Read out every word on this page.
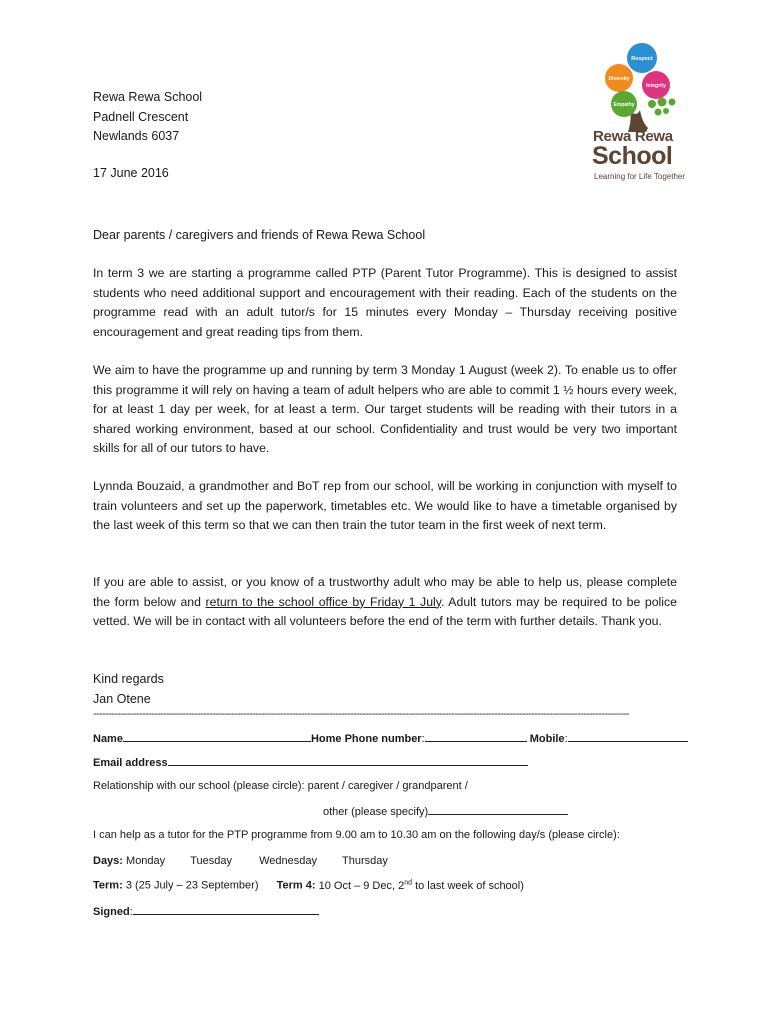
Respect
Diversity
Integrity
Empathy
Rewa Rewa
School
Learning for Life Together
Rewa Rewa School
Padnell Crescent
Newlands 6037
17 June 2016
Dear parents / caregivers and friends of Rewa Rewa School

In term 3 we are starting a programme called PTP (Parent Tutor Programme). This is designed to assist students who need additional support and encouragement with their reading. Each of the students on the programme read with an adult tutor/s for 15 minutes every Monday – Thursday receiving positive encouragement and great reading tips from them.

We aim to have the programme up and running by term 3 Monday 1 August (week 2). To enable us to offer this programme it will rely on having a team of adult helpers who are able to commit 1 ½ hours every week, for at least 1 day per week, for at least a term. Our target students will be reading with their tutors in a shared working environment, based at our school. Confidentiality and trust would be very two important skills for all of our tutors to have.

Lynnda Bouzaid, a grandmother and BoT rep from our school, will be working in conjunction with myself to train volunteers and set up the paperwork, timetables etc. We would like to have a timetable organised by the last week of this term so that we can then train the tutor team in the first week of next term.

If you are able to assist, or you know of a trustworthy adult who may be able to help us, please complete the form below and return to the school office by Friday 1 July. Adult tutors may be required to be police vetted. We will be in contact with all volunteers before the end of the term with further details. Thank you.

Kind regards
Jan Otene
-------------------------------------------------------------------------------------------------------------------------------------------------------------------------------
Name	Home Phone number:	Mobile:
Email address
Relationship with our school (please circle): parent / caregiver / grandparent /
other (please specify)
I can help as a tutor for the PTP programme from 9.00 am to 10.30 am on the following day/s (please circle):
Days: Monday Tuesday Wednesday Thursday
Term: 3 (25 July – 23 September) Term 4: 10 Oct – 9 Dec, 2nd to last week of school)
Signed:
